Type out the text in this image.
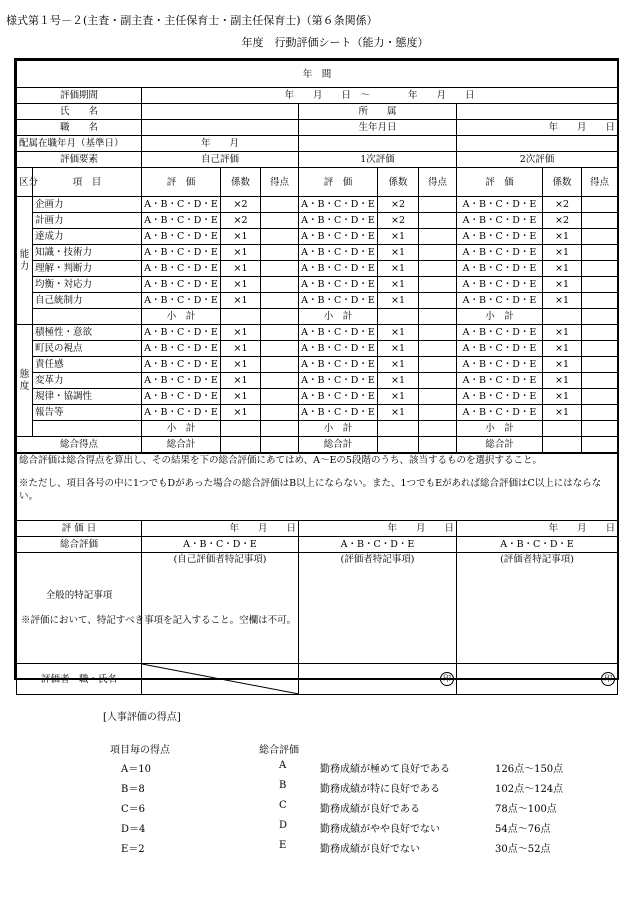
様式第１号－２(主査・副主査・主任保育士・副主任保育士)（第６条関係）
年度　行動評価シート（能力・態度）
年　間										
評価期間		年　　月　　日　～　　　　年　　月　　日								
氏　　名					所　　属					
職　　名					生年月日			年　　月　　日		
配属在職年月（基準日）		年　　月								
評価要素		自己評価			1次評価			2次評価		
区分	項　目	評　価	係数	得点	評　価	係数	得点	評　価	係数	得点
能力	企画力	A・B・C・D・E	×2		A・B・C・D・E	×2		A・B・C・D・E	×2	
	計画力	A・B・C・D・E	×2		A・B・C・D・E	×2		A・B・C・D・E	×2	
	達成力	A・B・C・D・E	×1		A・B・C・D・E	×1		A・B・C・D・E	×1	
	知識・技術力	A・B・C・D・E	×1		A・B・C・D・E	×1		A・B・C・D・E	×1	
	理解・判断力	A・B・C・D・E	×1		A・B・C・D・E	×1		A・B・C・D・E	×1	
	均衡・対応力	A・B・C・D・E	×1		A・B・C・D・E	×1		A・B・C・D・E	×1	
	自己統制力	A・B・C・D・E	×1		A・B・C・D・E	×1		A・B・C・D・E	×1	
		小　計			小　計			小　計		
態度	積極性・意欲	A・B・C・D・E	×1		A・B・C・D・E	×1		A・B・C・D・E	×1	
	町民の視点	A・B・C・D・E	×1		A・B・C・D・E	×1		A・B・C・D・E	×1	
	責任感	A・B・C・D・E	×1		A・B・C・D・E	×1		A・B・C・D・E	×1	
	変革力	A・B・C・D・E	×1		A・B・C・D・E	×1		A・B・C・D・E	×1	
	規律・協調性	A・B・C・D・E	×1		A・B・C・D・E	×1		A・B・C・D・E	×1	
	報告等	A・B・C・D・E	×1		A・B・C・D・E	×1		A・B・C・D・E	×1	
		小　計			小　計			小　計		
総合得点		総合計			総合計			総合計		
総合評価は総合得点を算出し、その結果を下の総合評価にあてはめ、A～Eの5段階のうち、該当するものを選択すること。
※ただし、項目各号の中に1つでもDがあった場合の総合評価はB以上にならない。また、1つでもEがあれば総合評価はC以上にはならない。			

評 価 日	年　　月　　日	年　　月　　日	年　　月　　日
総合評価	A・B・C・D・E	A・B・C・D・E	A・B・C・D・E

全般的特記事項
※評価において、特記すべき事項を記入すること。空欄は不可。	(自己評価者特記事項)	(評価者特記事項)	(評価者特記事項)
評価者　職・氏名		印	印
[人事評価の得点]
項目毎の得点	総合評価
A＝10	A	勤務成績が極めて良好である	126点～150点
B＝8	B	勤務成績が特に良好である	102点～124点
C＝6	C	勤務成績が良好である	78点～100点
D＝4	D	勤務成績がやや良好でない	54点～76点
E＝2	E	勤務成績が良好でない	30点～52点
